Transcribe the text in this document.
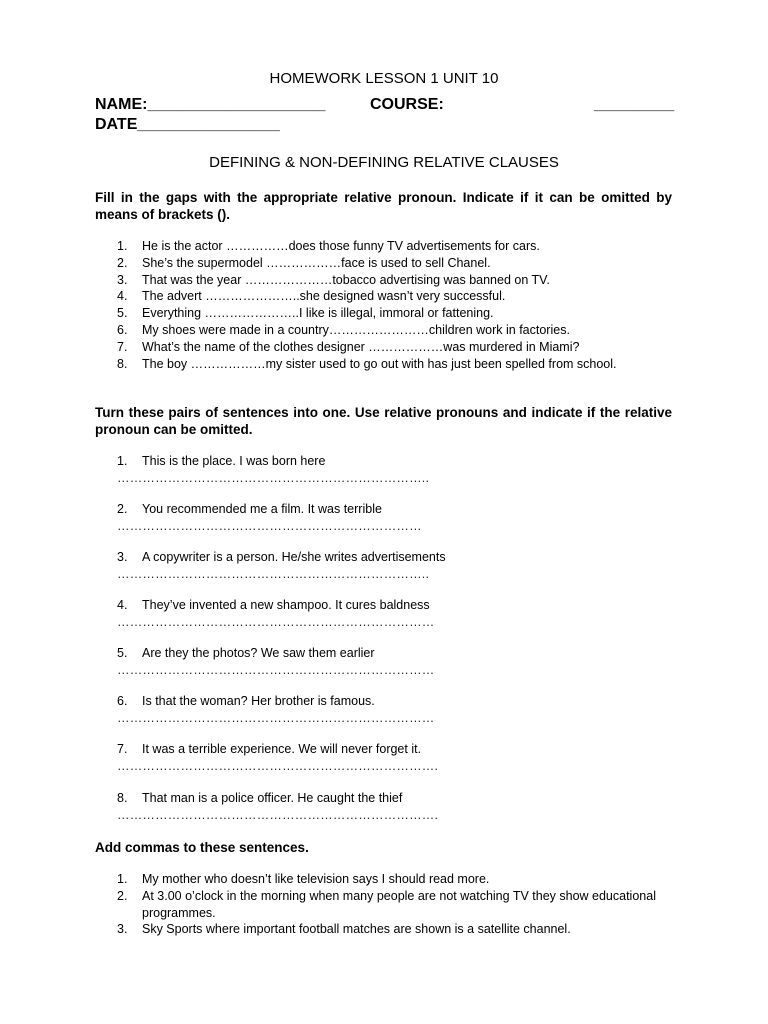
HOMEWORK LESSON 1 UNIT 10
NAME:____________________	COURSE:	_________
DATE________________
DEFINING & NON-DEFINING RELATIVE CLAUSES
Fill in the gaps with the appropriate relative pronoun. Indicate if it can be omitted by means of brackets ().
1. He is the actor ……………does those funny TV advertisements for cars.
2. She’s the supermodel ………………face is used to sell Chanel.
3. That was the year …………………tobacco advertising was banned on TV.
4. The advert …………………..she designed wasn’t very successful.
5. Everything …………………..I like is illegal, immoral or fattening.
6. My shoes were made in a country……………………children work in factories.
7. What’s the name of the clothes designer ………………was murdered in Miami?
8. The boy ………………my sister used to go out with has just been spelled from school.
Turn these pairs of sentences into one. Use relative pronouns and indicate if the relative pronoun can be omitted.
1. This is the place. I was born here
………………………………………………………………..
2. You recommended me a film. It was terrible
………………………………………………………………
3. A copywriter is a person. He/she writes advertisements
………………………………………………………………..
4. They’ve invented a new shampoo. It cures baldness
…………………………………………………………………
5. Are they the photos? We saw them earlier
…………………………………………………………………
6. Is that the woman? Her brother is famous.
…………………………………………………………………
7. It was a terrible experience. We will never forget it.
………………………………………………………………….
8. That man is a police officer. He caught the thief
………………………………………………………………….
Add commas to these sentences.
1. My mother who doesn’t like television says I should read more.
2. At 3.00 o’clock in the morning when many people are not watching TV they show educational programmes.
3. Sky Sports where important football matches are shown is a satellite channel.
